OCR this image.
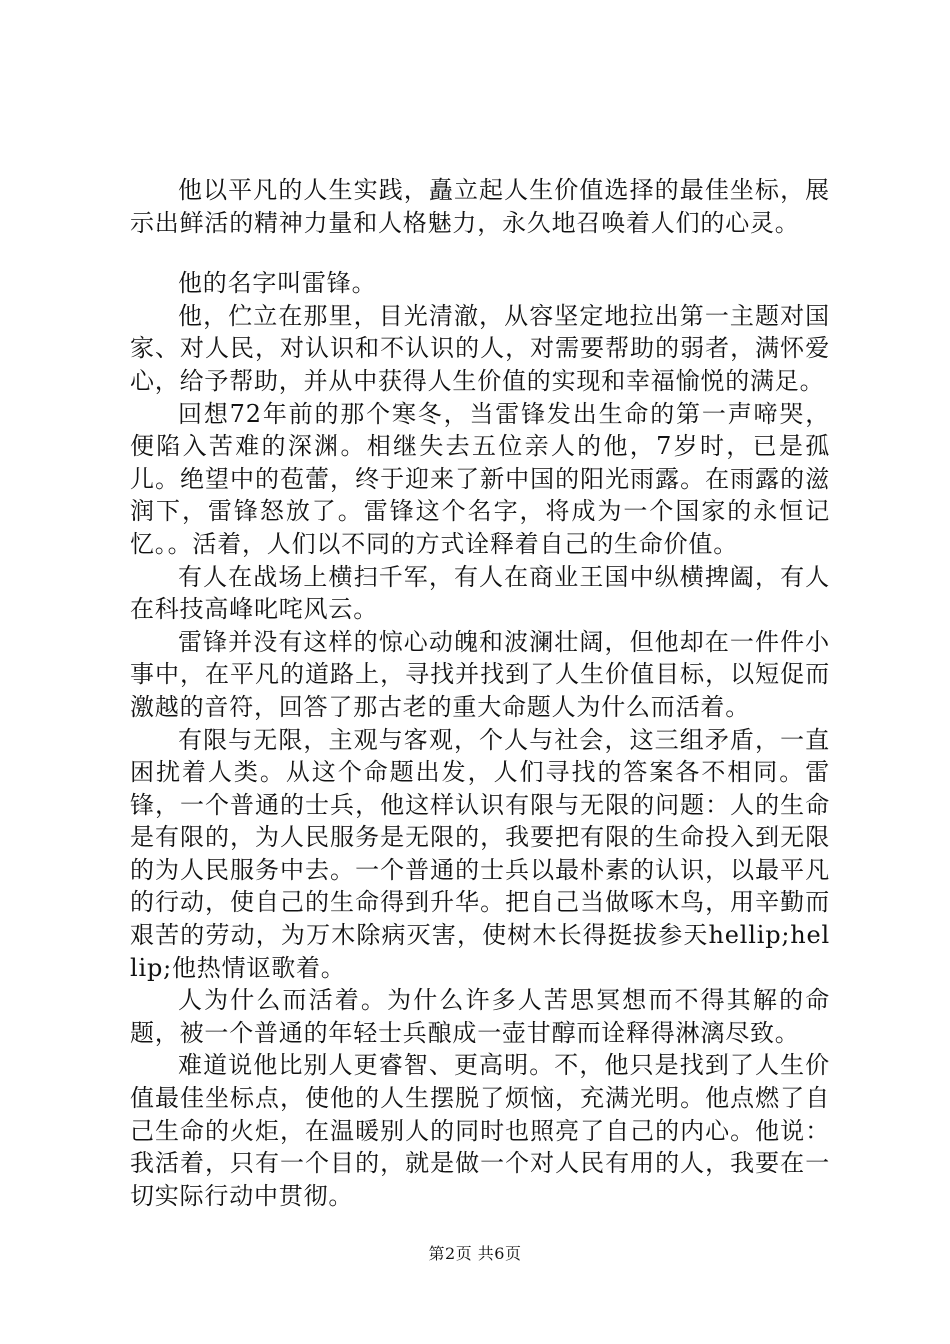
他以平凡的人生实践，矗立起人生价值选择的最佳坐标，展示出鲜活的精神力量和人格魅力，永久地召唤着人们的心灵。

他的名字叫雷锋。

他，伫立在那里，目光清澈，从容坚定地拉出第一主题对国家、对人民，对认识和不认识的人，对需要帮助的弱者，满怀爱心，给予帮助，并从中获得人生价值的实现和幸福愉悦的满足。

回想72年前的那个寒冬，当雷锋发出生命的第一声啼哭，便陷入苦难的深渊。相继失去五位亲人的他，7岁时，已是孤儿。绝望中的苞蕾，终于迎来了新中国的阳光雨露。在雨露的滋润下，雷锋怒放了。雷锋这个名字，将成为一个国家的永恒记忆。。活着，人们以不同的方式诠释着自己的生命价值。

有人在战场上横扫千军，有人在商业王国中纵横捭阖，有人在科技高峰叱咤风云。

雷锋并没有这样的惊心动魄和波澜壮阔，但他却在一件件小事中，在平凡的道路上，寻找并找到了人生价值目标，以短促而激越的音符，回答了那古老的重大命题人为什么而活着。

有限与无限，主观与客观，个人与社会，这三组矛盾，一直困扰着人类。从这个命题出发，人们寻找的答案各不相同。雷锋，一个普通的士兵，他这样认识有限与无限的问题：人的生命是有限的，为人民服务是无限的，我要把有限的生命投入到无限的为人民服务中去。一个普通的士兵以最朴素的认识，以最平凡的行动，使自己的生命得到升华。把自己当做啄木鸟，用辛勤而艰苦的劳动，为万木除病灭害，使树木长得挺拔参天hellip;hellip;他热情讴歌着。

人为什么而活着。为什么许多人苦思冥想而不得其解的命题，被一个普通的年轻士兵酿成一壶甘醇而诠释得淋漓尽致。

难道说他比别人更睿智、更高明。不，他只是找到了人生价值最佳坐标点，使他的人生摆脱了烦恼，充满光明。他点燃了自己生命的火炬，在温暖别人的同时也照亮了自己的内心。他说：我活着，只有一个目的，就是做一个对人民有用的人，我要在一切实际行动中贯彻。

第2页 共6页
